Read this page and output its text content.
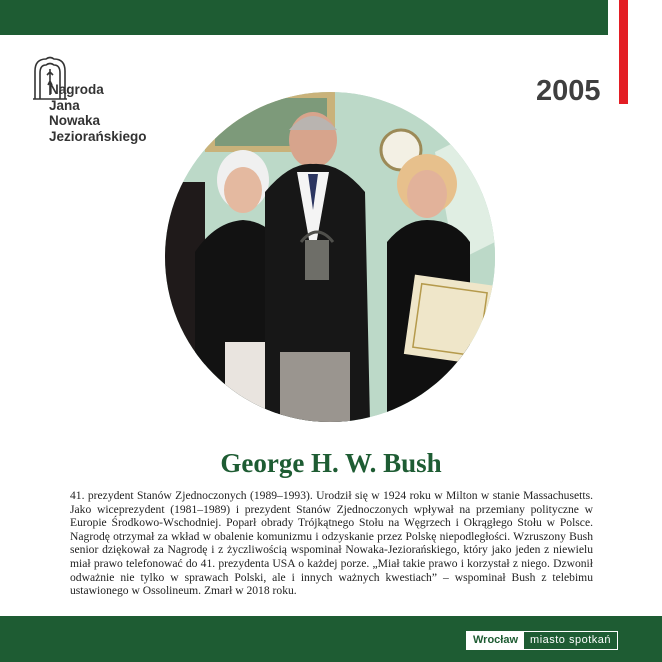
Nagroda
Jana
Nowaka
Jeziorańskiego
2005
George H. W. Bush
41. prezydent Stanów Zjednoczonych (1989–1993). Urodził się w 1924 roku w Milton w stanie Massachusetts. Jako wiceprezydent (1981–1989) i prezydent Stanów Zjednoczonych wpływał na przemiany polityczne w Europie Środkowo-Wschodniej. Poparł obrady Trójkątnego Stołu na Węgrzech i Okrągłego Stołu w Polsce. Nagrodę otrzymał za wkład w obalenie komunizmu i odzyskanie przez Polskę niepodległości. Wzruszony Bush senior dziękował za Nagrodę i z życzliwością wspominał Nowaka-Jeziorańskiego, który jako jeden z niewielu miał prawo telefonować do 41. prezydenta USA o każdej porze. „Miał takie prawo i korzystał z niego. Dzwonił odważnie nie tylko w sprawach Polski, ale i innych ważnych kwestiach” – wspominał Bush z telebimu ustawionego w Ossolineum. Zmarł w 2018 roku.
Wrocław	miasto spotkań
